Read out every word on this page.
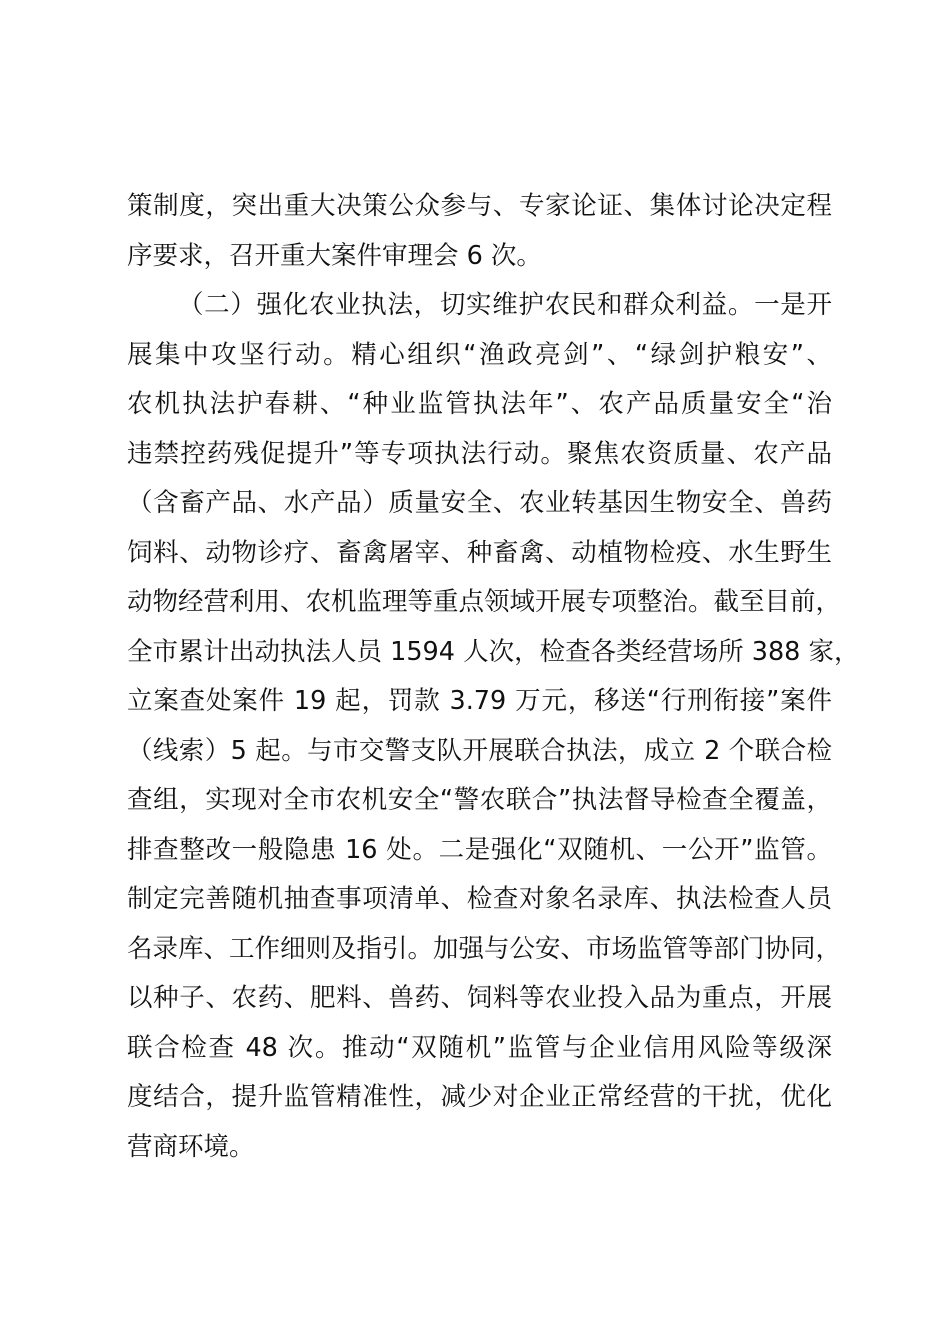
策制度，突出重大决策公众参与、专家论证、集体讨论决定程
序要求，召开重大案件审理会 6 次。
（二）强化农业执法，切实维护农民和群众利益。一是开
展集中攻坚行动。精心组织“渔政亮剑”、“绿剑护粮安”、
农机执法护春耕、“种业监管执法年”、农产品质量安全“治
违禁控药残促提升”等专项执法行动。聚焦农资质量、农产品
（含畜产品、水产品）质量安全、农业转基因生物安全、兽药
饲料、动物诊疗、畜禽屠宰、种畜禽、动植物检疫、水生野生
动物经营利用、农机监理等重点领域开展专项整治。截至目前，
全市累计出动执法人员 1594 人次，检查各类经营场所 388 家，
立案查处案件 19 起，罚款 3.79 万元，移送“行刑衔接”案件
（线索）5 起。与市交警支队开展联合执法，成立 2 个联合检
查组，实现对全市农机安全“警农联合”执法督导检查全覆盖，
排查整改一般隐患 16 处。二是强化“双随机、一公开”监管。
制定完善随机抽查事项清单、检查对象名录库、执法检查人员
名录库、工作细则及指引。加强与公安、市场监管等部门协同，
以种子、农药、肥料、兽药、饲料等农业投入品为重点，开展
联合检查 48 次。推动“双随机”监管与企业信用风险等级深
度结合，提升监管精准性，减少对企业正常经营的干扰，优化
营商环境。
